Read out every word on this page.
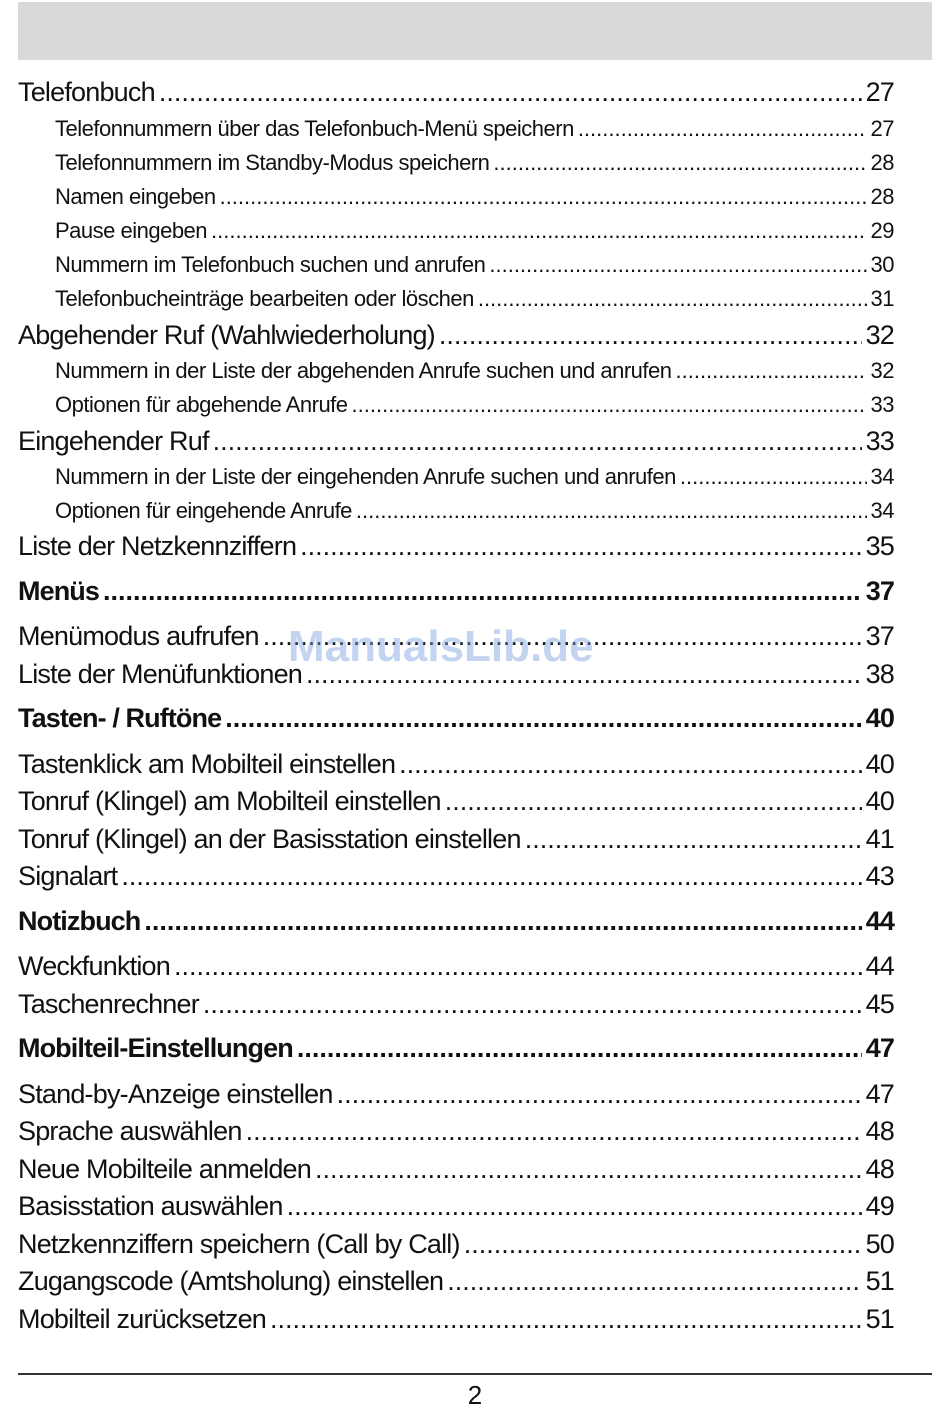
Telefonbuch .....	27
Telefonnummern über das Telefonbuch-Menü speichern .....	27
Telefonnummern im Standby-Modus speichern .....	28
Namen eingeben .....	28
Pause eingeben .....	29
Nummern im Telefonbuch suchen und anrufen .....	30
Telefonbucheinträge bearbeiten oder löschen .....	31
Abgehender Ruf (Wahlwiederholung) .....	32
Nummern in der Liste der abgehenden Anrufe suchen und anrufen .....	32
Optionen für abgehende Anrufe .....	33
Eingehender Ruf .....	33
Nummern in der Liste der eingehenden Anrufe suchen und anrufen .....	34
Optionen für eingehende Anrufe .....	34
Liste der Netzkennziffern .....	35
Menüs .....	37
Menümodus aufrufen .....	37
Liste der Menüfunktionen .....	38
Tasten- / Ruftöne .....	40
Tastenklick am Mobilteil einstellen .....	40
Tonruf (Klingel) am Mobilteil einstellen .....	40
Tonruf (Klingel) an der Basisstation einstellen .....	41
Signalart .....	43
Notizbuch .....	44
Weckfunktion .....	44
Taschenrechner .....	45
Mobilteil-Einstellungen .....	47
Stand-by-Anzeige einstellen .....	47
Sprache auswählen .....	48
Neue Mobilteile anmelden .....	48
Basisstation auswählen .....	49
Netzkennziffern speichern (Call by Call) .....	50
Zugangscode (Amtsholung) einstellen .....	51
Mobilteil zurücksetzen .....	51
ManualsLib.de
2
